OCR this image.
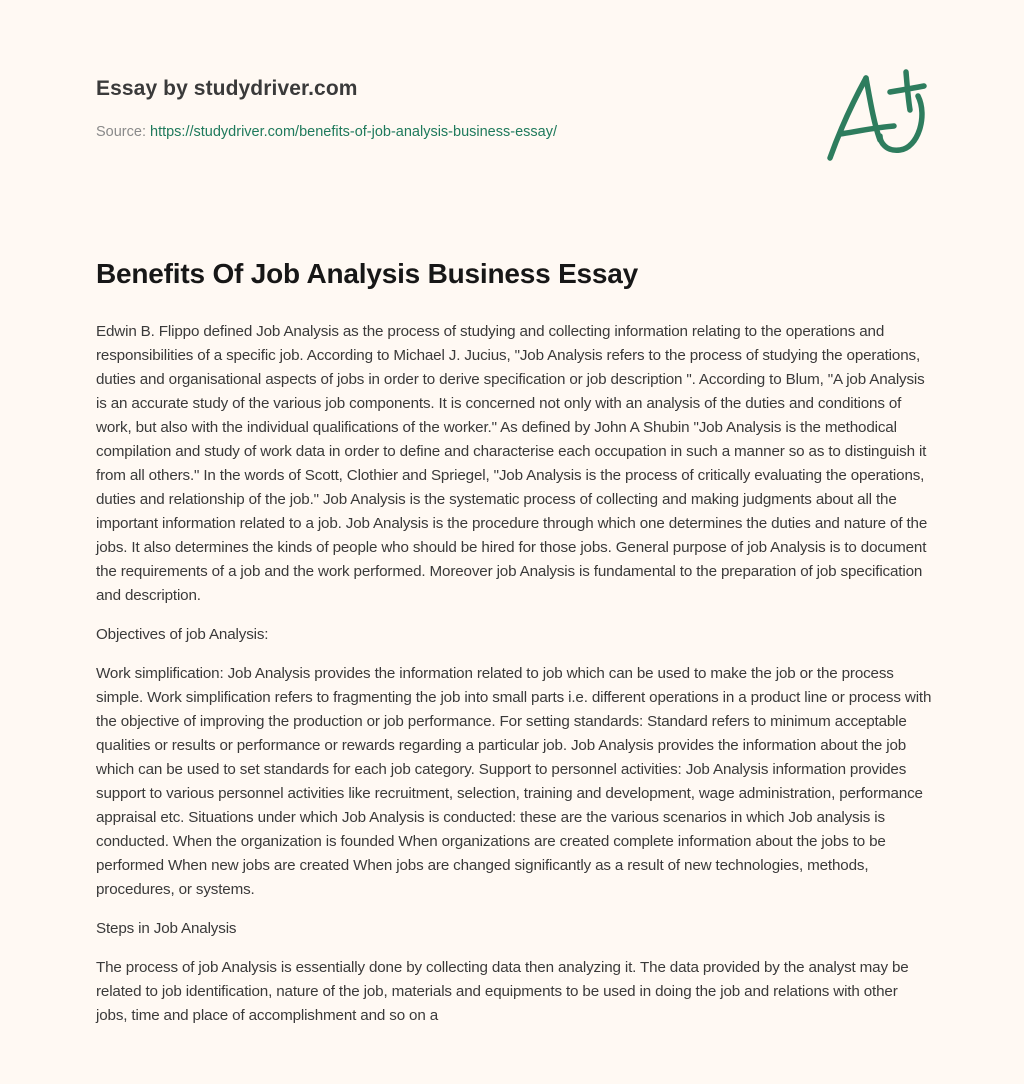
Essay by studydriver.com
Source: https://studydriver.com/benefits-of-job-analysis-business-essay/
Benefits Of Job Analysis Business Essay

Edwin B. Flippo defined Job Analysis as the process of studying and collecting information relating to the operations and responsibilities of a specific job. According to Michael J. Jucius, "Job Analysis refers to the process of studying the operations, duties and organisational aspects of jobs in order to derive specification or job description ". According to Blum, "A job Analysis is an accurate study of the various job components. It is concerned not only with an analysis of the duties and conditions of work, but also with the individual qualifications of the worker." As defined by John A Shubin "Job Analysis is the methodical compilation and study of work data in order to define and characterise each occupation in such a manner so as to distinguish it from all others." In the words of Scott, Clothier and Spriegel, "Job Analysis is the process of critically evaluating the operations, duties and relationship of the job." Job Analysis is the systematic process of collecting and making judgments about all the important information related to a job. Job Analysis is the procedure through which one determines the duties and nature of the jobs. It also determines the kinds of people who should be hired for those jobs. General purpose of job Analysis is to document the requirements of a job and the work performed. Moreover job Analysis is fundamental to the preparation of job specification and description.

Objectives of job Analysis:

Work simplification: Job Analysis provides the information related to job which can be used to make the job or the process simple. Work simplification refers to fragmenting the job into small parts i.e. different operations in a product line or process with the objective of improving the production or job performance. For setting standards: Standard refers to minimum acceptable qualities or results or performance or rewards regarding a particular job. Job Analysis provides the information about the job which can be used to set standards for each job category. Support to personnel activities: Job Analysis information provides support to various personnel activities like recruitment, selection, training and development, wage administration, performance appraisal etc. Situations under which Job Analysis is conducted: these are the various scenarios in which Job analysis is conducted. When the organization is founded When organizations are created complete information about the jobs to be performed When new jobs are created When jobs are changed significantly as a result of new technologies, methods, procedures, or systems.

Steps in Job Analysis

The process of job Analysis is essentially done by collecting data then analyzing it. The data provided by the analyst may be related to job identification, nature of the job, materials and equipments to be used in doing the job and relations with other jobs, time and place of accomplishment and so on a
